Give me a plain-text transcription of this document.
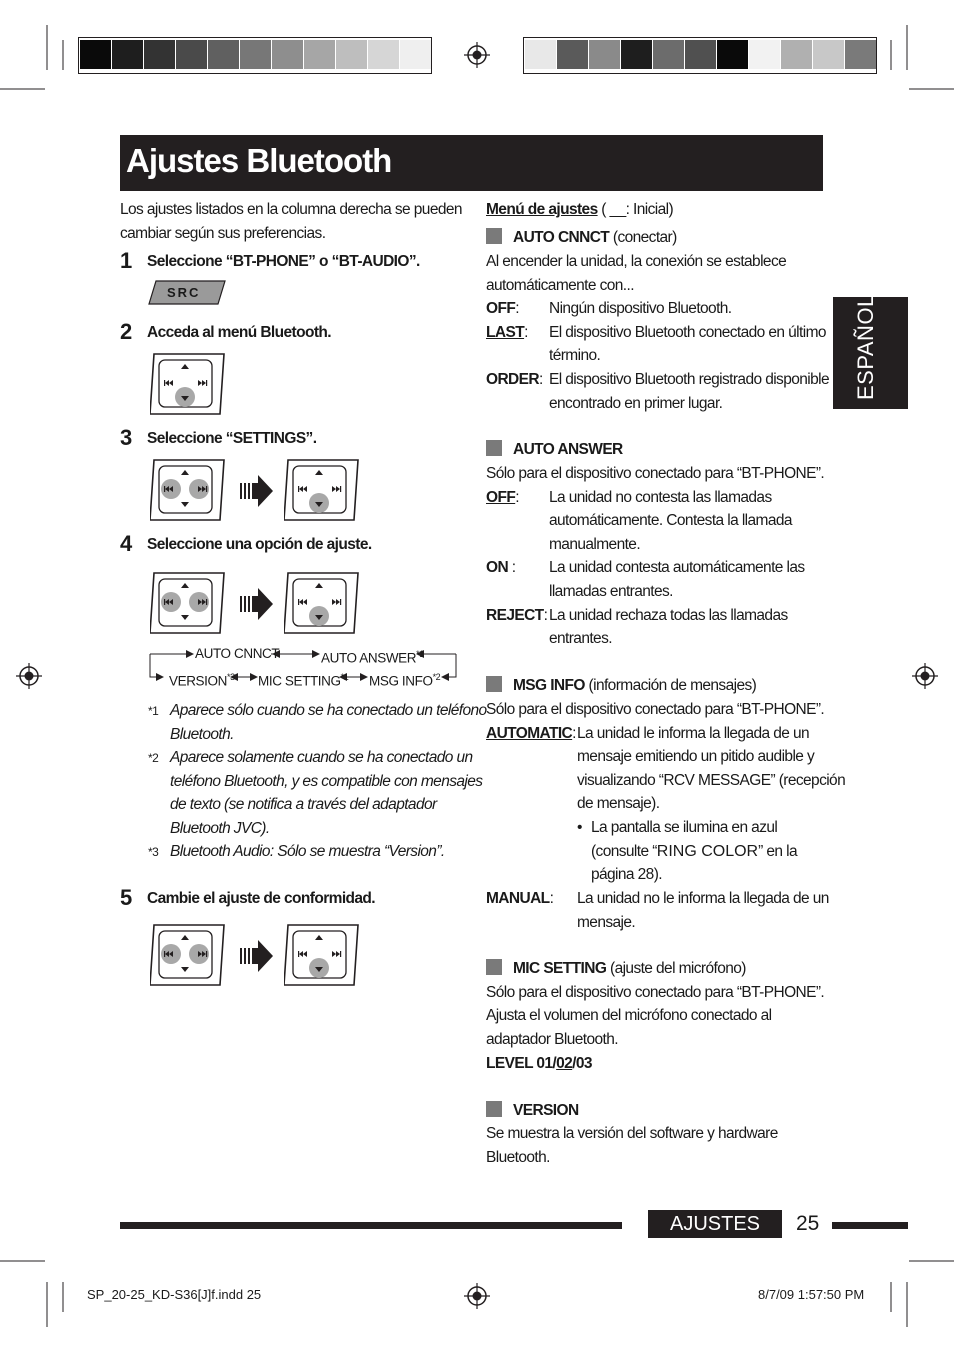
Ajustes Bluetooth
ESPAÑOL
Los ajustes listados en la columna derecha se pueden
cambiar según sus preferencias.
1 Seleccione “BT-PHONE” o “BT-AUDIO”.
SRC
2 Acceda al menú Bluetooth.
3 Seleccione “SETTINGS”.
4 Seleccione una opción de ajuste.
AUTO CNNCT	AUTO ANSWER$^{*1}$
VERSION$^{*3}$ MIC SETTING$^{*1}$ MSG INFO$^{*2}$
*1 Aparece sólo cuando se ha conectado un teléfono
Bluetooth.
*2 Aparece solamente cuando se ha conectado un
teléfono Bluetooth, y es compatible con mensajes
de texto (se notifica a través del adaptador
Bluetooth JVC).
*3 Bluetooth Audio: Sólo se muestra “Version”.
5 Cambie el ajuste de conformidad.
Menú de ajustes ( __: Inicial)
AUTO CNNCT (conectar)
Al encender la unidad, la conexión se establece
automáticamente con...
OFF: Ningún dispositivo Bluetooth.
LAST: El dispositivo Bluetooth conectado en último
término.
ORDER: El dispositivo Bluetooth registrado disponible
encontrado en primer lugar.
AUTO ANSWER
Sólo para el dispositivo conectado para “BT-PHONE”.
OFF: La unidad no contesta las llamadas
automáticamente. Contesta la llamada
manualmente.
ON : La unidad contesta automáticamente las
llamadas entrantes.
REJECT: La unidad rechaza todas las llamadas
entrantes.
MSG INFO (información de mensajes)
Sólo para el dispositivo conectado para “BT-PHONE”.
AUTOMATIC: La unidad le informa la llegada de un
mensaje emitiendo un pitido audible y
visualizando “RCV MESSAGE” (recepción
de mensaje).
• La pantalla se ilumina en azul
(consulte “RING COLOR” en la
página 28).
MANUAL: La unidad no le informa la llegada de un
mensaje.
MIC SETTING (ajuste del micrófono)
Sólo para el dispositivo conectado para “BT-PHONE”.
Ajusta el volumen del micrófono conectado al
adaptador Bluetooth.
LEVEL 01/02/03
VERSION
Se muestra la versión del software y hardware
Bluetooth.
AJUSTES	25
SP_20-25_KD-S36[J]f.indd 25	8/7/09 1:57:50 PM
